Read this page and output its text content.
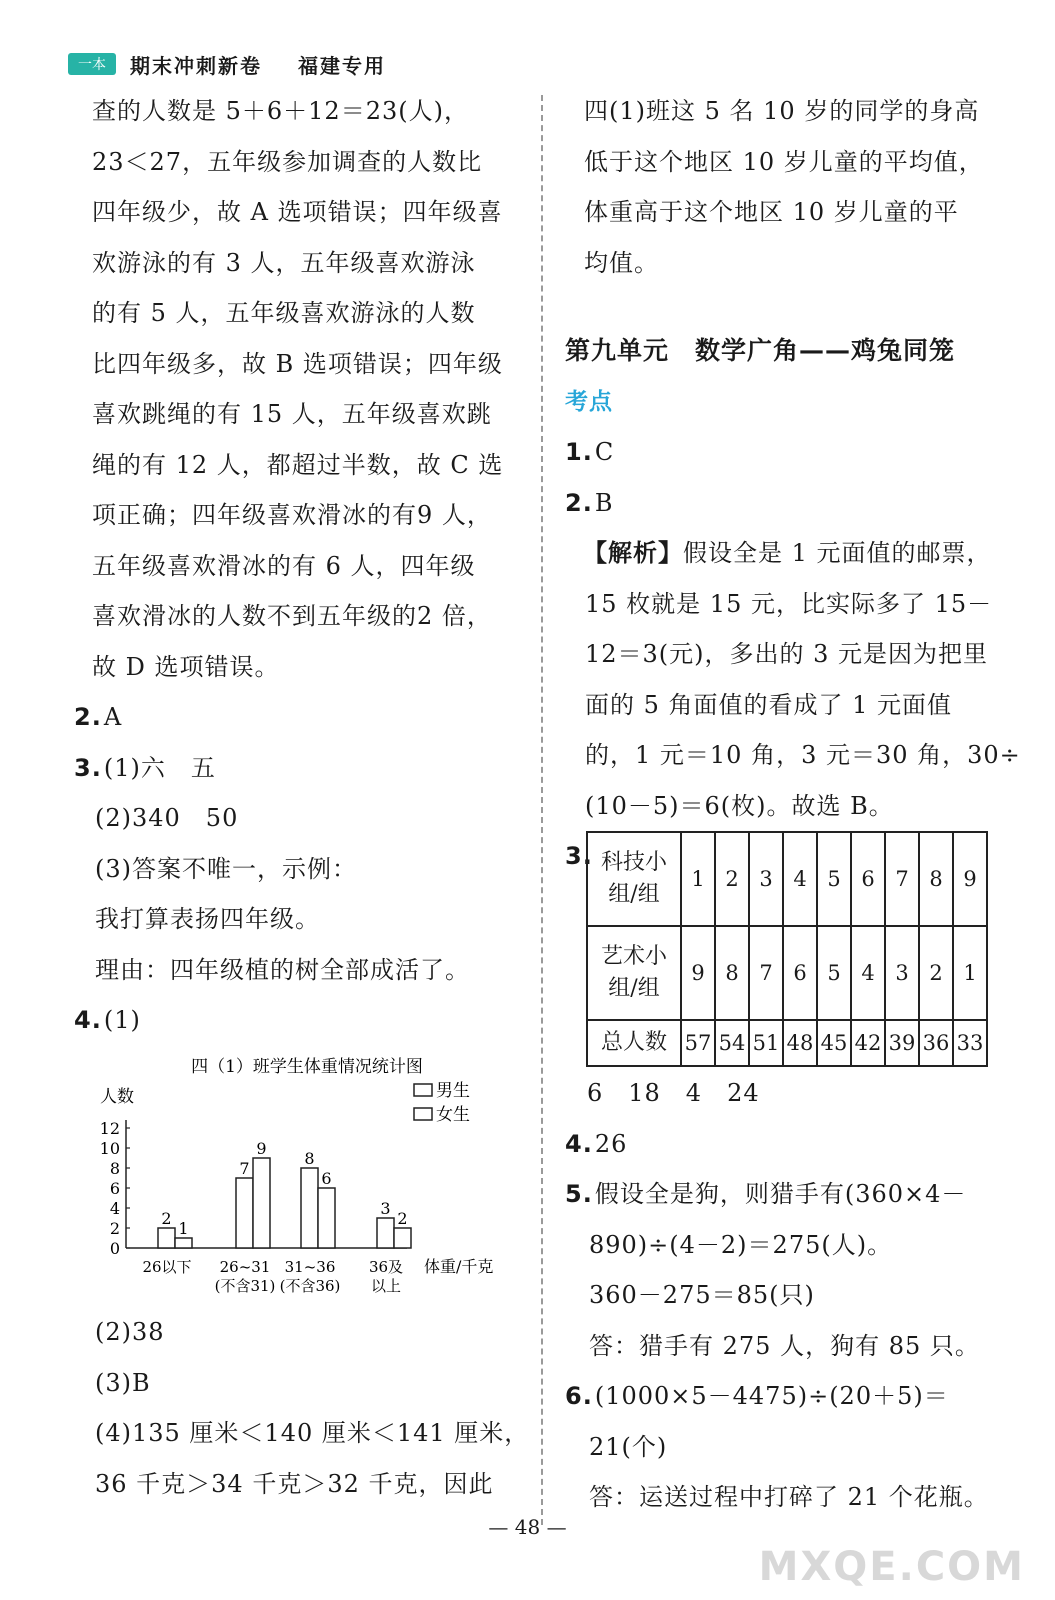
一本	期末冲刺新卷 福建专用
查的人数是 5＋6＋12＝23(人)，
23＜27，五年级参加调查的人数比
四年级少，故 A 选项错误；四年级喜
欢游泳的有 3 人，五年级喜欢游泳
的有 5 人，五年级喜欢游泳的人数
比四年级多，故 B 选项错误；四年级
喜欢跳绳的有 15 人，五年级喜欢跳
绳的有 12 人，都超过半数，故 C 选
项正确；四年级喜欢滑冰的有9 人，
五年级喜欢滑冰的有 6 人，四年级
喜欢滑冰的人数不到五年级的2 倍，
故 D 选项错误。
2.A
3.(1)六　五
(2)340　50
(3)答案不唯一，示例：
我打算表扬四年级。
理由：四年级植的树全部成活了。
4.(1)
四（1）班学生体重情况统计图
人数	男生
女生
0
2
4
6
8
10
12
2
7
8
3
1
9
6
2
26以下 26~31
(不含31)
31~36
(不含36)
36及
以上
体重/千克
(2)38
(3)B
(4)135 厘米＜140 厘米＜141 厘米，
36 千克＞34 千克＞32 千克，因此
四(1)班这 5 名 10 岁的同学的身高
低于这个地区 10 岁儿童的平均值，
体重高于这个地区 10 岁儿童的平
均值。
第九单元　数学广角——鸡兔同笼
考点
1.C
2.B
【解析】假设全是 1 元面值的邮票，
15 枚就是 15 元，比实际多了 15－
12＝3(元)，多出的 3 元是因为把里
面的 5 角面值的看成了 1 元面值
的，1 元＝10 角，3 元＝30 角，30÷
(10－5)＝6(枚)。故选 B。
3. 科技小
组/组	1	2	3	4	5	6	7	8	9
艺术小
组/组	9	8	7	6	5	4	3	2	1
总人数	57	54	51	48	45	42	39	36	33
6　18　4　24
4.26
5.假设全是狗，则猎手有(360×4－
890)÷(4－2)＝275(人)。
360－275＝85(只)
答：猎手有 275 人，狗有 85 只。
6.(1000×5－4475)÷(20＋5)＝
21(个)
答：运送过程中打碎了 21 个花瓶。
— 48 —
MXQE.COM
